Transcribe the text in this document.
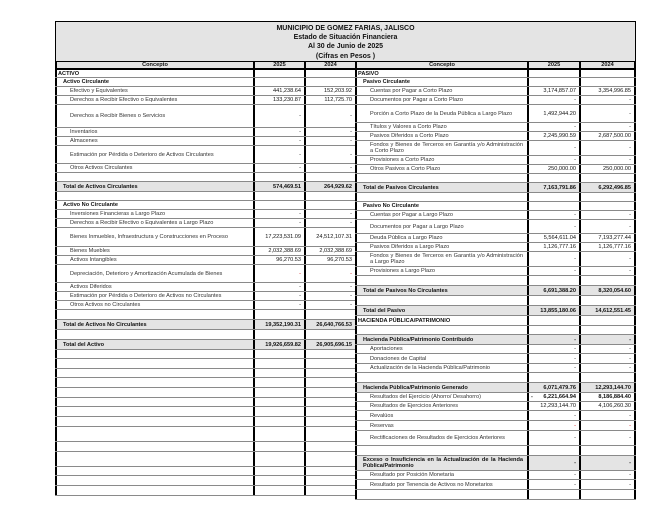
MUNICIPIO DE GOMEZ FARIAS, JALISCO
Estado de Situación Financiera
Al 30 de Junio de 2025
(Cifras en Pesos )
Concepto	2025	2024
ACTIVO
Activo Circulante
Efectivo y Equivalentes	441,238.64	152,203.92
Derechos a Recibir Efectivo o Equivalentes	133,230.87	112,725.70
Derechos a Recibir Bienes o Servicios	-	-
Inventarios	-	-
Almacenes	-	-
Estimación por Pérdida o Deterioro de Activos Circulantes	-	-
Otros Activos Circulantes	-	-
Total de Activos Circulantes	574,469.51	264,929.62
Activo No Circulante
Inversiones Financieras a Largo Plazo	-	-
Derechos a Recibir Efectivo o Equivalentes a Largo Plazo	-	-
Bienes Inmuebles, Infraestructura y Construcciones en Proceso	17,223,531.09	24,512,107.31
Bienes Muebles	2,032,388.69	2,032,388.69
Activos Intangibles	96,270.53	96,270.53
Depreciación, Deterioro y Amortización Acumulada de Bienes	-	-
Activos Diferidos	-	-
Estimación por Pérdida o Deterioro de Activos no Circulantes	-	-
Otros Activos no Circulantes	-	-
Total de Activos No Circulantes	19,352,190.31	26,640,766.53
Total del Activo	19,926,659.82	26,905,696.15
Concepto	2025	2024
PASIVO
Pasivo Circulante
Cuentas por Pagar a Corto Plazo	3,174,857.07	3,354,996.85
Documentos por Pagar a Corto Plazo	-	-
Porción a Corto Plazo de la Deuda Pública a Largo Plazo	1,492,944.20	-
Títulos y Valores a Corto Plazo	-	-
Pasivos Diferidos a Corto Plazo	2,245,990.59	2,687,500.00
Fondos y Bienes de Terceros en Garantía y/o Administración a Corto Plazo	-	-
Provisiones a Corto Plazo	-	-
Otros Pasivos a Corto Plazo	250,000.00	250,000.00
Total de Pasivos Circulantes	7,163,791.86	6,292,496.85
Pasivo No Circulante
Cuentas por Pagar a Largo Plazo	-	-
Documentos por Pagar a Largo Plazo	-	-
Deuda Pública a Largo Plazo	5,564,611.04	7,193,277.44
Pasivos Diferidos a Largo Plazo	1,126,777.16	1,126,777.16
Fondos y Bienes de Terceros en Garantía y/o Administración a Largo Plazo	-	-
Provisiones a Largo Plazo	-	-
Total de Pasivos No Circulantes	6,691,388.20	8,320,054.60
Total del Pasivo	13,855,180.06	14,612,551.45
HACIENDA PÚBLICA/PATRIMONIO
Hacienda Pública/Patrimonio Contribuido	-	-
Aportaciones	-	-
Donaciones de Capital	-	-
Actualización de la Hacienda Pública/Patrimonio	-	-
Hacienda Pública/Patrimonio Generado	6,071,479.76	12,293,144.70
Resultados del Ejercicio (Ahorro/ Desahorro)	- 6,221,664.94	8,186,884.40
Resultados de Ejercicios Anteriores	12,293,144.70	4,106,260.30
Revalúos	-	-
Reservas	-	-
Rectificaciones de Resultados de Ejercicios Anteriores	-	-
Exceso o Insuficiencia en la Actualización de la Hacienda Pública/Patrimonio	-	-
Resultado por Posición Monetaria	-	-
Resultado por Tenencia de Activos no Monetarios	-	-
